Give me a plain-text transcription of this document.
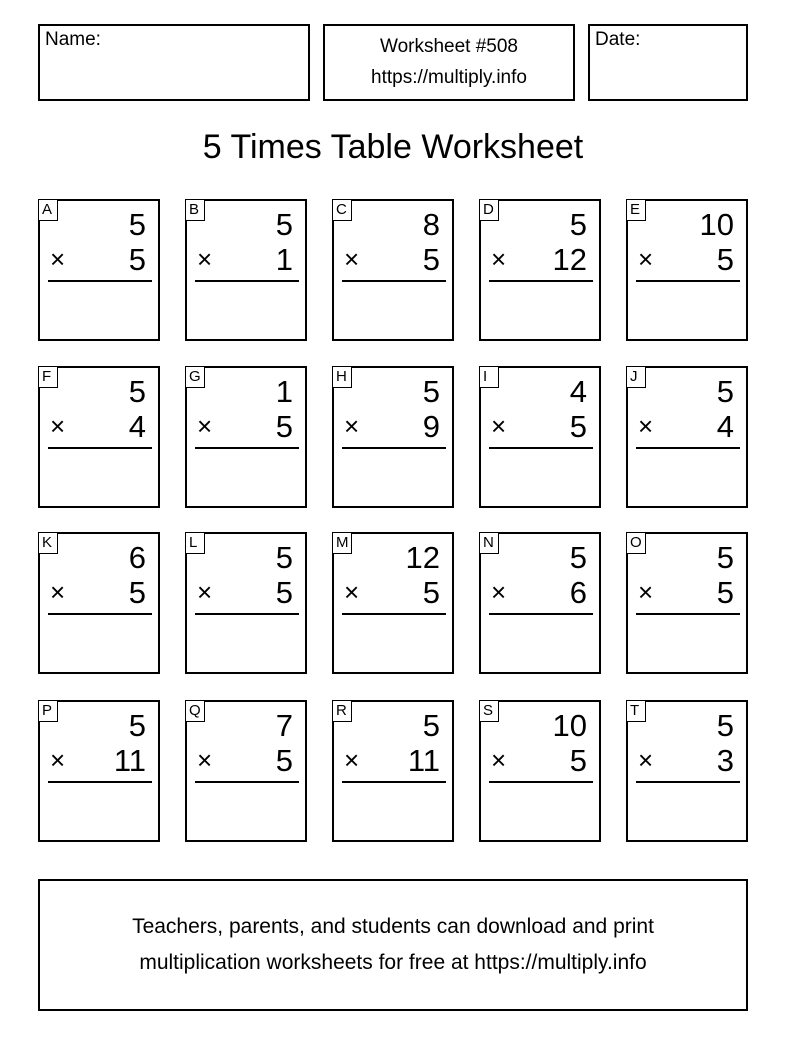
Name:	Worksheet #508
https://multiply.info
Date:
5 Times Table Worksheet
A 5
× 5
B 5
× 1
C 8
× 5
D 5
× 12
E 10
× 5
F	5
× 4
G 1
× 5
H 5
× 9
I	4
× 5
J	5
× 4
K 6
× 5
L	5
× 5
M 12
× 5
N 5
× 6
O 5
× 5
P 5
× 11
Q 7
× 5
R 5
× 11
S 10
× 5
T	5
× 3
Teachers, parents, and students can download and print
multiplication worksheets for free at https://multiply.info
